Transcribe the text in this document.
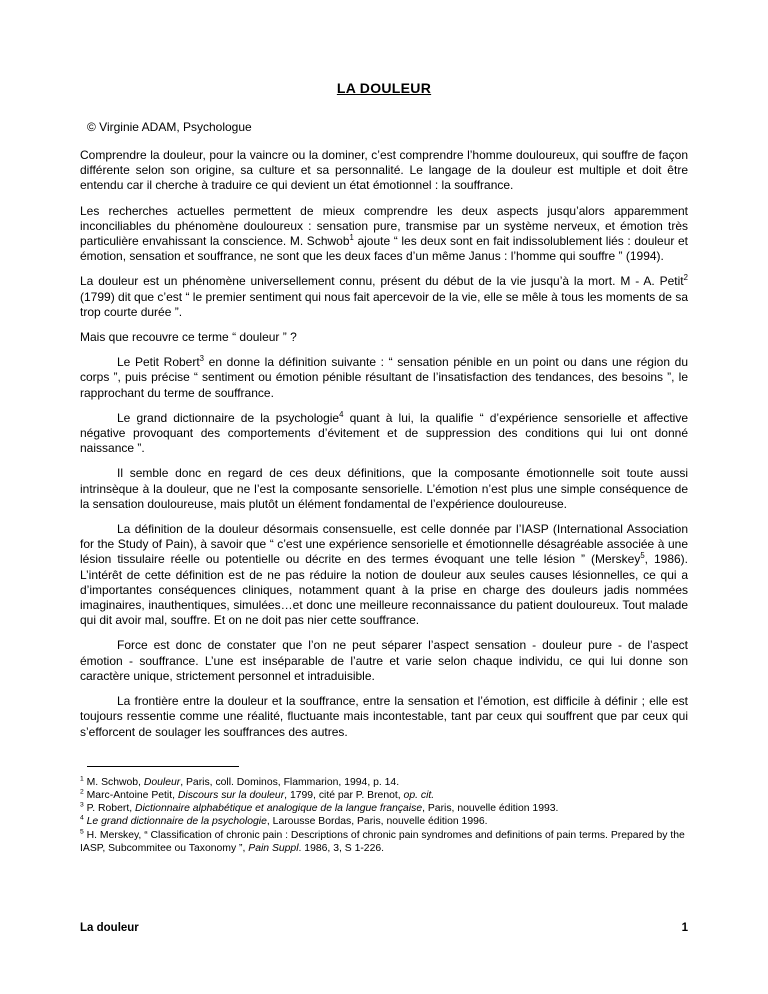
LA DOULEUR

© Virginie ADAM, Psychologue

Comprendre la douleur, pour la vaincre ou la dominer, c’est comprendre l’homme douloureux, qui souffre de façon différente selon son origine, sa culture et sa personnalité. Le langage de la douleur est multiple et doit être entendu car il cherche à traduire ce qui devient un état émotionnel : la souffrance.

Les recherches actuelles permettent de mieux comprendre les deux aspects jusqu’alors apparemment inconciliables du phénomène douloureux : sensation pure, transmise par un système nerveux, et émotion très particulière envahissant la conscience. M. Schwob$^1$ ajoute “ les deux sont en fait indissolublement liés : douleur et émotion, sensation et souffrance, ne sont que les deux faces d’un même Janus : l’homme qui souffre ” (1994).

La douleur est un phénomène universellement connu, présent du début de la vie jusqu’à la mort. M - A. Petit$^2$ (1799) dit que c’est “ le premier sentiment qui nous fait apercevoir de la vie, elle se mêle à tous les moments de sa trop courte durée ”.

Mais que recouvre ce terme “ douleur ” ?

Le Petit Robert$^3$ en donne la définition suivante : “ sensation pénible en un point ou dans une région du corps ”, puis précise “ sentiment ou émotion pénible résultant de l’insatisfaction des tendances, des besoins ”, le rapprochant du terme de souffrance.

Le grand dictionnaire de la psychologie$^4$ quant à lui, la qualifie “ d’expérience sensorielle et affective négative provoquant des comportements d’évitement et de suppression des conditions qui lui ont donné naissance ”.

Il semble donc en regard de ces deux définitions, que la composante émotionnelle soit toute aussi intrinsèque à la douleur, que ne l’est la composante sensorielle. L’émotion n’est plus une simple conséquence de la sensation douloureuse, mais plutôt un élément fondamental de l’expérience douloureuse.

La définition de la douleur désormais consensuelle, est celle donnée par l’IASP (International Association for the Study of Pain), à savoir que “ c’est une expérience sensorielle et émotionnelle désagréable associée à une lésion tissulaire réelle ou potentielle ou décrite en des termes évoquant une telle lésion ” (Merskey$^5$, 1986). L’intérêt de cette définition est de ne pas réduire la notion de douleur aux seules causes lésionnelles, ce qui a d’importantes conséquences cliniques, notamment quant à la prise en charge des douleurs jadis nommées imaginaires, inauthentiques, simulées…et donc une meilleure reconnaissance du patient douloureux. Tout malade qui dit avoir mal, souffre. Et on ne doit pas nier cette souffrance.

Force est donc de constater que l’on ne peut séparer l’aspect sensation - douleur pure - de l’aspect émotion - souffrance. L’une est inséparable de l’autre et varie selon chaque individu, ce qui lui donne son caractère unique, strictement personnel et intraduisible.

La frontière entre la douleur et la souffrance, entre la sensation et l’émotion, est difficile à définir ; elle est toujours ressentie comme une réalité, fluctuante mais incontestable, tant par ceux qui souffrent que par ceux qui s’efforcent de soulager les souffrances des autres.

$^1$ M. Schwob, Douleur, Paris, coll. Dominos, Flammarion, 1994, p. 14.

$^2$ Marc-Antoine Petit, Discours sur la douleur, 1799, cité par P. Brenot, op. cit.

$^3$ P. Robert, Dictionnaire alphabétique et analogique de la langue française, Paris, nouvelle édition 1993.

$^4$ Le grand dictionnaire de la psychologie, Larousse Bordas, Paris, nouvelle édition 1996.

$^5$ H. Merskey, “ Classification of chronic pain : Descriptions of chronic pain syndromes and definitions of pain terms. Prepared by the IASP, Subcommitee ou Taxonomy ”, Pain Suppl. 1986, 3, S 1-226.

La douleur	1
